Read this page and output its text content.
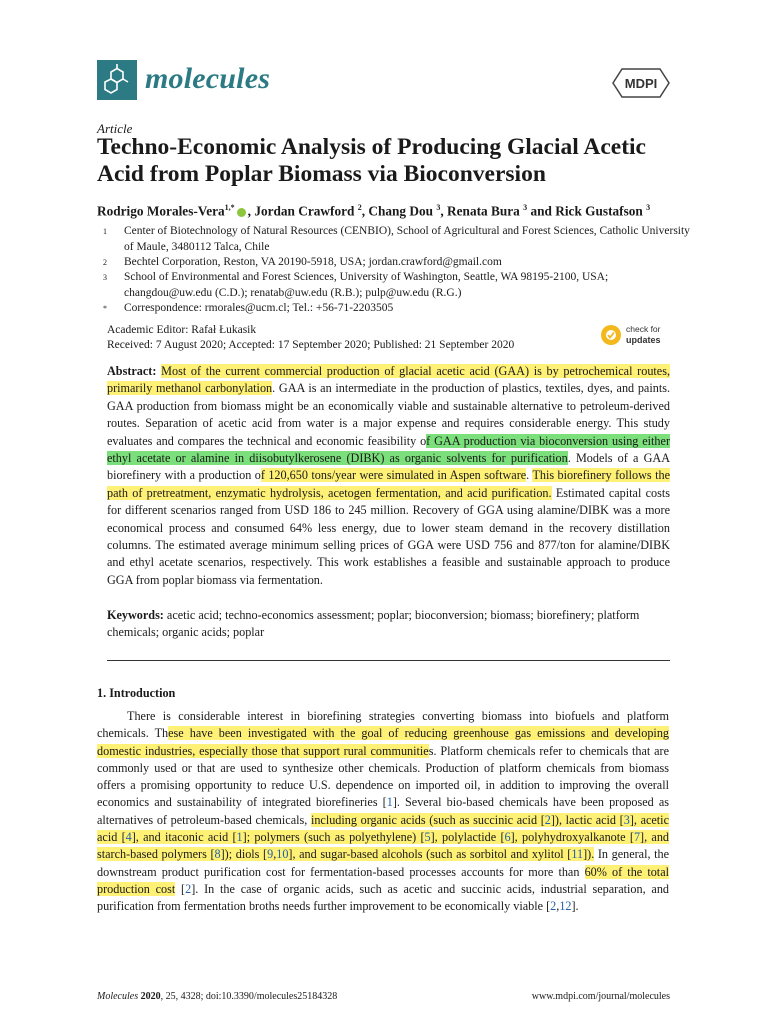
molecules	MDPI
Article
Techno-Economic Analysis of Producing Glacial Acetic Acid from Poplar Biomass via Bioconversion
Rodrigo Morales-Vera$^{1,*}$ , Jordan Crawford $^2$, Chang Dou $^3$, Renata Bura $^3$ and Rick Gustafson $^3$
1 Center of Biotechnology of Natural Resources (CENBIO), School of Agricultural and Forest Sciences, Catholic University of Maule, 3480112 Talca, Chile
2 Bechtel Corporation, Reston, VA 20190-5918, USA; jordan.crawford@gmail.com
3 School of Environmental and Forest Sciences, University of Washington, Seattle, WA 98195-2100, USA; changdou@uw.edu (C.D.); renatab@uw.edu (R.B.); pulp@uw.edu (R.G.)
* Correspondence: rmorales@ucm.cl; Tel.: +56-71-2203505
Academic Editor: Rafał Łukasik
Received: 7 August 2020; Accepted: 17 September 2020; Published: 21 September 2020
check for
updates
Abstract: Most of the current commercial production of glacial acetic acid (GAA) is by petrochemical routes, primarily methanol carbonylation. GAA is an intermediate in the production of plastics, textiles, dyes, and paints. GAA production from biomass might be an economically viable and sustainable alternative to petroleum-derived routes. Separation of acetic acid from water is a major expense and requires considerable energy. This study evaluates and compares the technical and economic feasibility of GAA production via bioconversion using either ethyl acetate or alamine in diisobutylkerosene (DIBK) as organic solvents for purification. Models of a GAA biorefinery with a production of 120,650 tons/year were simulated in Aspen software. This biorefinery follows the path of pretreatment, enzymatic hydrolysis, acetogen fermentation, and acid purification. Estimated capital costs for different scenarios ranged from USD 186 to 245 million. Recovery of GGA using alamine/DIBK was a more economical process and consumed 64% less energy, due to lower steam demand in the recovery distillation columns. The estimated average minimum selling prices of GGA were USD 756 and 877/ton for alamine/DIBK and ethyl acetate scenarios, respectively. This work establishes a feasible and sustainable approach to produce GGA from poplar biomass via fermentation.
Keywords: acetic acid; techno-economics assessment; poplar; bioconversion; biomass; biorefinery; platform chemicals; organic acids; poplar
1. Introduction
There is considerable interest in biorefining strategies converting biomass into biofuels and platform chemicals. These have been investigated with the goal of reducing greenhouse gas emissions and developing domestic industries, especially those that support rural communities. Platform chemicals refer to chemicals that are commonly used or that are used to synthesize other chemicals. Production of platform chemicals from biomass offers a promising opportunity to reduce U.S. dependence on imported oil, in addition to improving the overall economics and sustainability of integrated biorefineries [1]. Several bio-based chemicals have been proposed as alternatives of petroleum-based chemicals, including organic acids (such as succinic acid [2]), lactic acid [3], acetic acid [4], and itaconic acid [1]; polymers (such as polyethylene) [5], polylactide [6], polyhydroxyalkanote [7], and starch-based polymers [8]); diols [9,10], and sugar-based alcohols (such as sorbitol and xylitol [11]). In general, the downstream product purification cost for fermentation-based processes accounts for more than 60% of the total production cost [2]. In the case of organic acids, such as acetic and succinic acids, industrial separation, and purification from fermentation broths needs further improvement to be economically viable [2,12].
Molecules 2020, 25, 4328; doi:10.3390/molecules25184328	www.mdpi.com/journal/molecules
